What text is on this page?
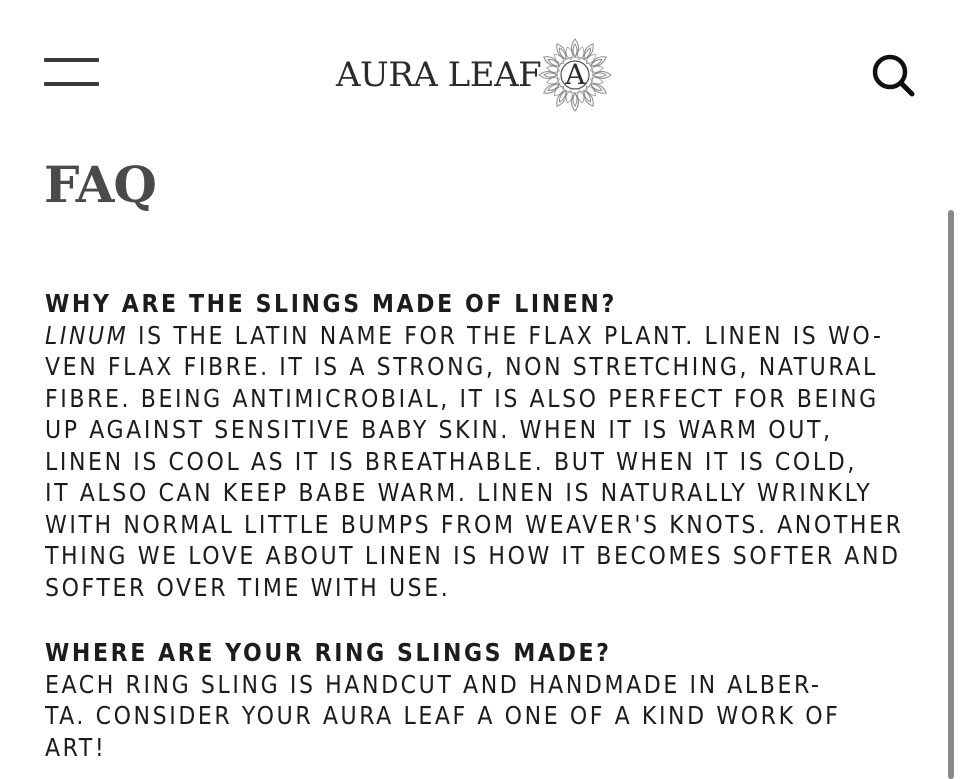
AURA LEAF A
FAQ
WHY ARE THE SLINGS MADE OF LINEN?
LINUM IS THE LATIN NAME FOR THE FLAX PLANT. LINEN IS WO-
VEN FLAX FIBRE. IT IS A STRONG, NON STRETCHING, NATURAL
FIBRE. BEING ANTIMICROBIAL, IT IS ALSO PERFECT FOR BEING
UP AGAINST SENSITIVE BABY SKIN. WHEN IT IS WARM OUT,
LINEN IS COOL AS IT IS BREATHABLE. BUT WHEN IT IS COLD,
IT ALSO CAN KEEP BABE WARM. LINEN IS NATURALLY WRINKLY
WITH NORMAL LITTLE BUMPS FROM WEAVER'S KNOTS. ANOTHER
THING WE LOVE ABOUT LINEN IS HOW IT BECOMES SOFTER AND
SOFTER OVER TIME WITH USE.
WHERE ARE YOUR RING SLINGS MADE?
EACH RING SLING IS HANDCUT AND HANDMADE IN ALBER-
TA. CONSIDER YOUR AURA LEAF A ONE OF A KIND WORK OF
ART!
